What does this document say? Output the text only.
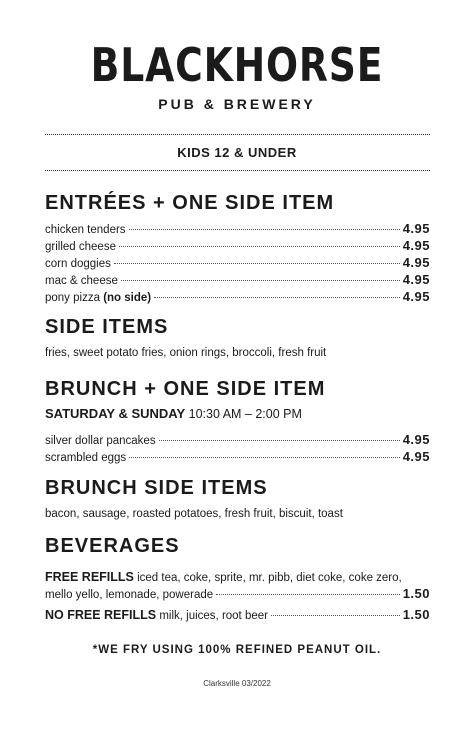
BLACKHORSE
PUB & BREWERY
KIDS 12 & UNDER
ENTRÉES + ONE SIDE ITEM
chicken tenders	4.95
grilled cheese	4.95
corn doggies	4.95
mac & cheese	4.95
pony pizza (no side)	4.95
SIDE ITEMS
fries, sweet potato fries, onion rings, broccoli, fresh fruit
BRUNCH + ONE SIDE ITEM
SATURDAY & SUNDAY 10:30 AM – 2:00 PM
silver dollar pancakes	4.95
scrambled eggs	4.95
BRUNCH SIDE ITEMS
bacon, sausage, roasted potatoes, fresh fruit, biscuit, toast
BEVERAGES
FREE REFILLS iced tea, coke, sprite, mr. pibb, diet coke, coke zero,
mello yello, lemonade, powerade	1.50
NO FREE REFILLS milk, juices, root beer	1.50
*WE FRY USING 100% REFINED PEANUT OIL.
Clarksville 03/2022
